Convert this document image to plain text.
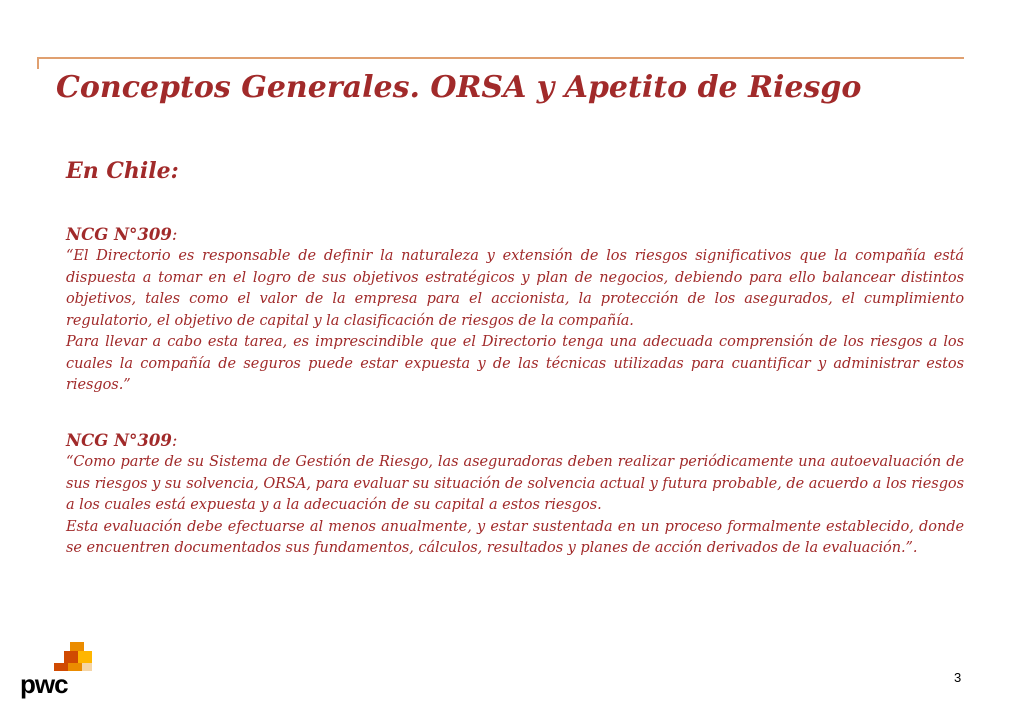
Conceptos Generales. ORSA y Apetito de Riesgo
En Chile:

NCG N°309:

“El Directorio es responsable de definir la naturaleza y extensión de los riesgos significativos que la compañía está dispuesta a tomar en el logro de sus objetivos estratégicos y plan de negocios, debiendo para ello balancear distintos objetivos, tales como el valor de la empresa para el accionista, la protección de los asegurados, el cumplimiento regulatorio, el objetivo de capital y la clasificación de riesgos de la compañía.

Para llevar a cabo esta tarea, es imprescindible que el Directorio tenga una adecuada comprensión de los riesgos a los cuales la compañía de seguros puede estar expuesta y de las técnicas utilizadas para cuantificar y administrar estos riesgos.”

NCG N°309:

“Como parte de su Sistema de Gestión de Riesgo, las aseguradoras deben realizar periódicamente una autoevaluación de sus riesgos y su solvencia, ORSA, para evaluar su situación de solvencia actual y futura probable, de acuerdo a los riesgos a los cuales está expuesta y a la adecuación de su capital a estos riesgos.

Esta evaluación debe efectuarse al menos anualmente, y estar sustentada en un proceso formalmente establecido, donde se encuentren documentados sus fundamentos, cálculos, resultados y planes de acción derivados de la evaluación.”.

pwc	3
